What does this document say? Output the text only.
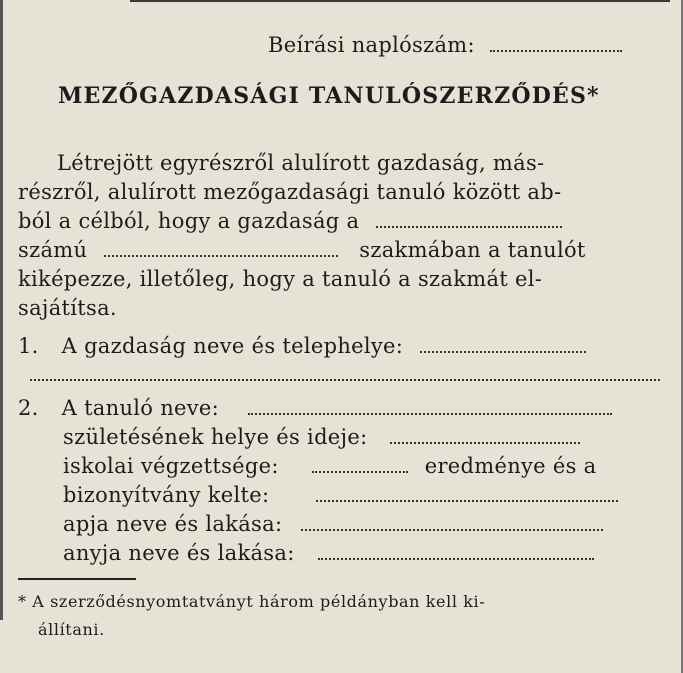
Beírási naplószám:
MEZŐGAZDASÁGI TANULÓSZERZŐDÉS*
Létrejött egyrészről alulírott gazdaság, más-
részről, alulírott mezőgazdasági tanuló között ab-
ból a célból, hogy a gazdaság a
számú	szakmában a tanulót
kiképezze, illetőleg, hogy a tanuló a szakmát el-
sajátítsa.
1. A gazdaság neve és telephelye:
2. A tanuló neve:
születésének helye és ideje:
iskolai végzettsége:	eredménye és a
bizonyítvány kelte:
apja neve és lakása:
anyja neve és lakása:
* A szerződésnyomtatványt három példányban kell ki-
állítani.
